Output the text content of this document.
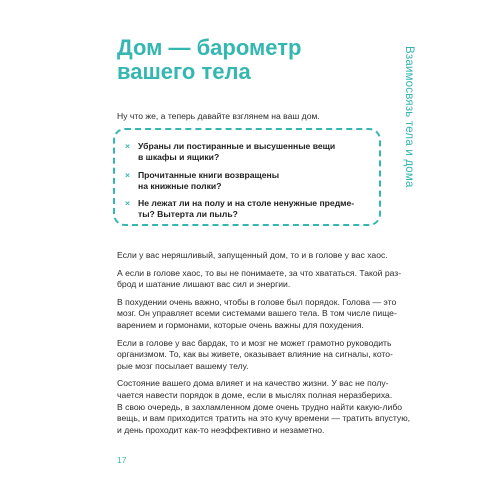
Дом — барометр
вашего тела	Взаимосвязь тела и дома

Ну что же, а теперь давайте взглянем на ваш дом.

× Убраны ли постиранные и высушенные вещи
в шкафы и ящики?
× Прочитанные книги возвращены
на книжные полки?
× Не лежат ли на полу и на столе ненужные предме-
ты? Вытерта ли пыль?

Если у вас неряшливый, запущенный дом, то и в голове у вас хаос.

А если в голове хаос, то вы не понимаете, за что хвататься. Такой раз-
брод и шатание лишают вас сил и энергии.

В похудении очень важно, чтобы в голове был порядок. Голова — это
мозг. Он управляет всеми системами вашего тела. В том числе пище-
варением и гормонами, которые очень важны для похудения.

Если в голове у вас бардак, то и мозг не может грамотно руководить
организмом. То, как вы живете, оказывает влияние на сигналы, кото-
рые мозг посылает вашему телу.

Состояние вашего дома влияет и на качество жизни. У вас не полу-
чается навести порядок в доме, если в мыслях полная неразбериха.
В свою очередь, в захламленном доме очень трудно найти какую-либо
вещь, и вам приходится тратить на это кучу времени — тратить впустую,
и день проходит как-то неэффективно и незаметно.

17
